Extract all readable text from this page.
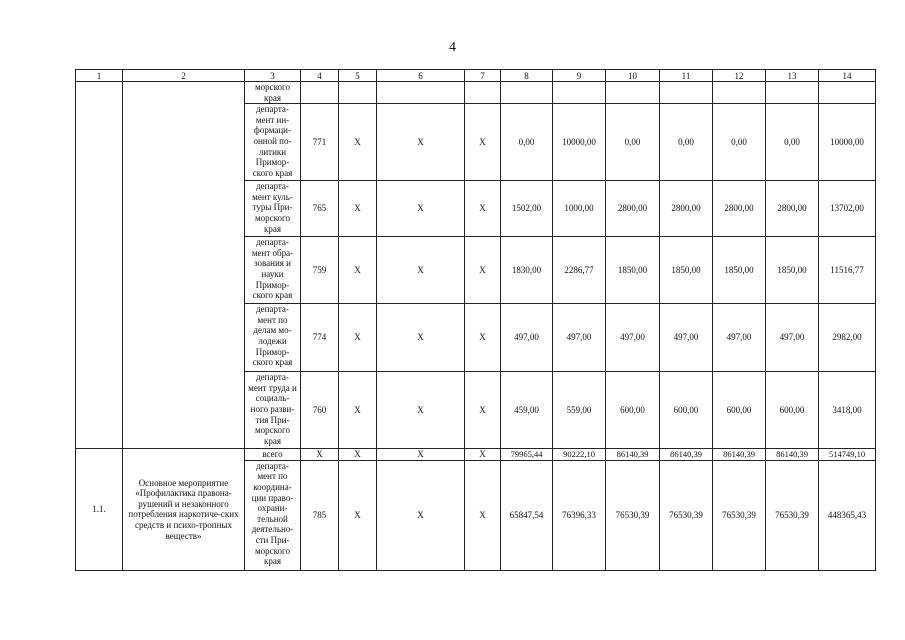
4
1	2	3	4	5	6	7	8	9	10	11	12	13	14
		морского края											
		департа-мент ин-формаци-онной по-литики Примор-ского края	771	X	X	X	0,00	10000,00	0,00	0,00	0,00	0,00	10000,00
		департа-мент куль-туры При-морского края	765	X	X	X	1502,00	1000,00	2800,00	2800,00	2800,00	2800,00	13702,00
		департа-мент обра-зования и науки Примор-ского края	759	X	X	X	1830,00	2286,77	1850,00	1850,00	1850,00	1850,00	11516,77
		департа-мент по делам мо-лодежи Примор-ского края	774	X	X	X	497,00	497,00	497,00	497,00	497,00	497,00	2982,00
		департа-мент труда и социаль-ного разви-тия При-морского края	760	X	X	X	459,00	559,00	600,00	600,00	600,00	600,00	3418,00
1.1.	Основное мероприятие «Профилактика правона-рушений и незаконного потребления наркотиче-ских средств и психо-тропных веществ»	всего	X	X	X	X	79965,44	90222,10	86140,39	86140,39	86140,39	86140,39	514749,10
		департа-мент по координа-ции право-охрани-тельной деятельно-сти При-морского края	785	X	X	X	65847,54	76396,33	76530,39	76530,39	76530,39	76530,39	448365,43
